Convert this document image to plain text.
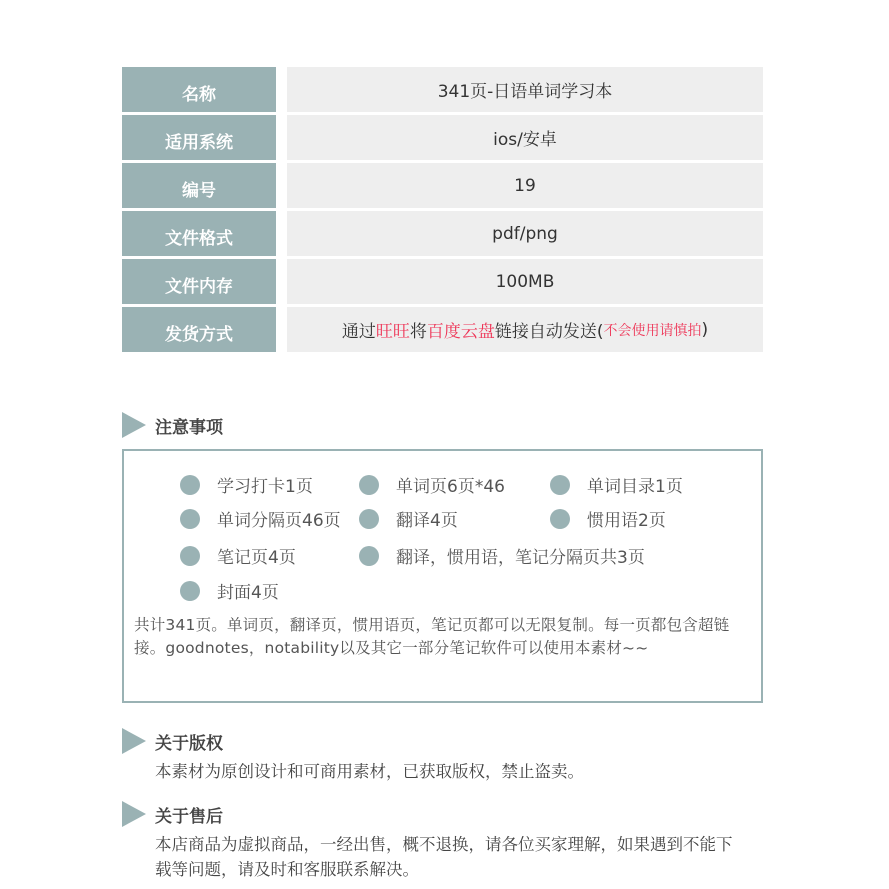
名称	341页-日语单词学习本
适用系统	ios/安卓
编号	19
文件格式	pdf/png
文件内存	100MB
发货方式	通过 旺旺 将 百度云盘 链接自动发送( 不会使用请慎拍 )
注意事项
学习打卡1页	单词页6页*46	单词目录1页
单词分隔页46页	翻译4页	惯用语2页
笔记页4页	翻译，惯用语，笔记分隔页共3页
封面4页
共计341页。单词页，翻译页，惯用语页，笔记页都可以无限复制。每一页都包含超链接。goodnotes，notability以及其它一部分笔记软件可以使用本素材~~
关于版权
本素材为原创设计和可商用素材，已获取版权，禁止盗卖。
关于售后
本店商品为虚拟商品，一经出售，概不退换，请各位买家理解，如果遇到不能下载等问题，请及时和客服联系解决。
